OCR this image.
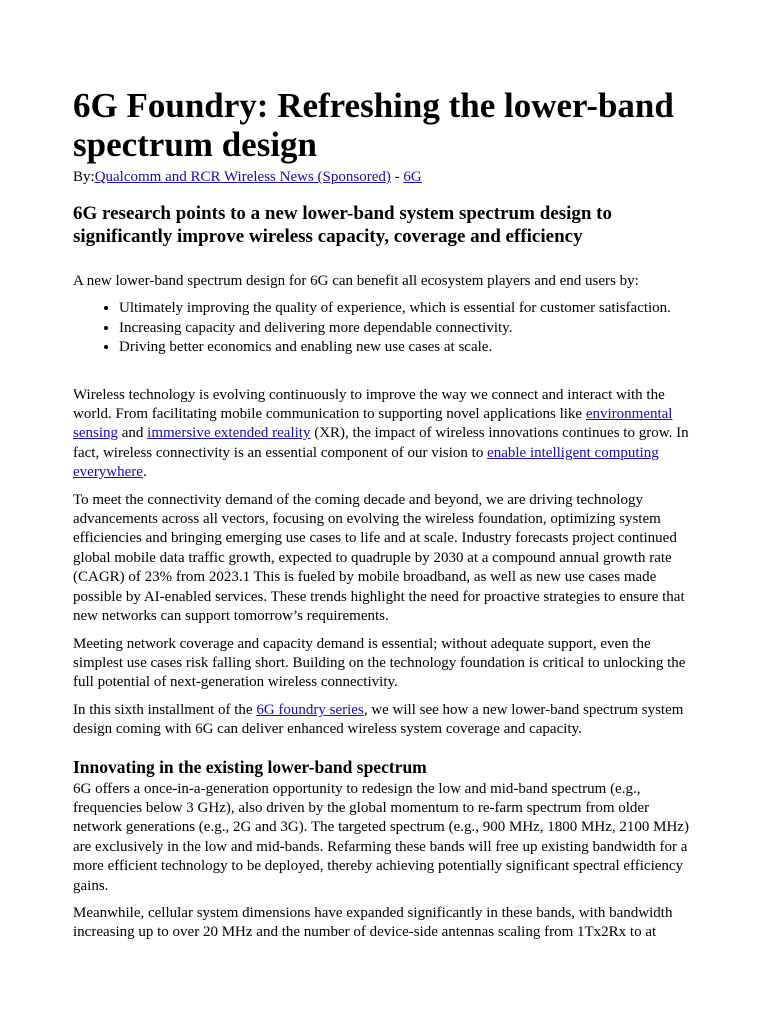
6G Foundry: Refreshing the lower-band spectrum design
By:Qualcomm and RCR Wireless News (Sponsored) - 6G
6G research points to a new lower-band system spectrum design to significantly improve wireless capacity, coverage and efficiency

A new lower-band spectrum design for 6G can benefit all ecosystem players and end users by:

• Ultimately improving the quality of experience, which is essential for customer satisfaction.
• Increasing capacity and delivering more dependable connectivity.
• Driving better economics and enabling new use cases at scale.

Wireless technology is evolving continuously to improve the way we connect and interact with the world. From facilitating mobile communication to supporting novel applications like environmental sensing and immersive extended reality (XR), the impact of wireless innovations continues to grow. In fact, wireless connectivity is an essential component of our vision to enable intelligent computing everywhere.

To meet the connectivity demand of the coming decade and beyond, we are driving technology advancements across all vectors, focusing on evolving the wireless foundation, optimizing system efficiencies and bringing emerging use cases to life and at scale. Industry forecasts project continued global mobile data traffic growth, expected to quadruple by 2030 at a compound annual growth rate (CAGR) of 23% from 2023.1 This is fueled by mobile broadband, as well as new use cases made possible by AI-enabled services. These trends highlight the need for proactive strategies to ensure that new networks can support tomorrow’s requirements.

Meeting network coverage and capacity demand is essential; without adequate support, even the simplest use cases risk falling short. Building on the technology foundation is critical to unlocking the full potential of next-generation wireless connectivity.

In this sixth installment of the 6G foundry series, we will see how a new lower-band spectrum system design coming with 6G can deliver enhanced wireless system coverage and capacity.

Innovating in the existing lower-band spectrum

6G offers a once-in-a-generation opportunity to redesign the low and mid-band spectrum (e.g., frequencies below 3 GHz), also driven by the global momentum to re-farm spectrum from older network generations (e.g., 2G and 3G). The targeted spectrum (e.g., 900 MHz, 1800 MHz, 2100 MHz) are exclusively in the low and mid-bands. Refarming these bands will free up existing bandwidth for a more efficient technology to be deployed, thereby achieving potentially significant spectral efficiency gains.

Meanwhile, cellular system dimensions have expanded significantly in these bands, with bandwidth increasing up to over 20 MHz and the number of device-side antennas scaling from 1Tx2Rx to at
